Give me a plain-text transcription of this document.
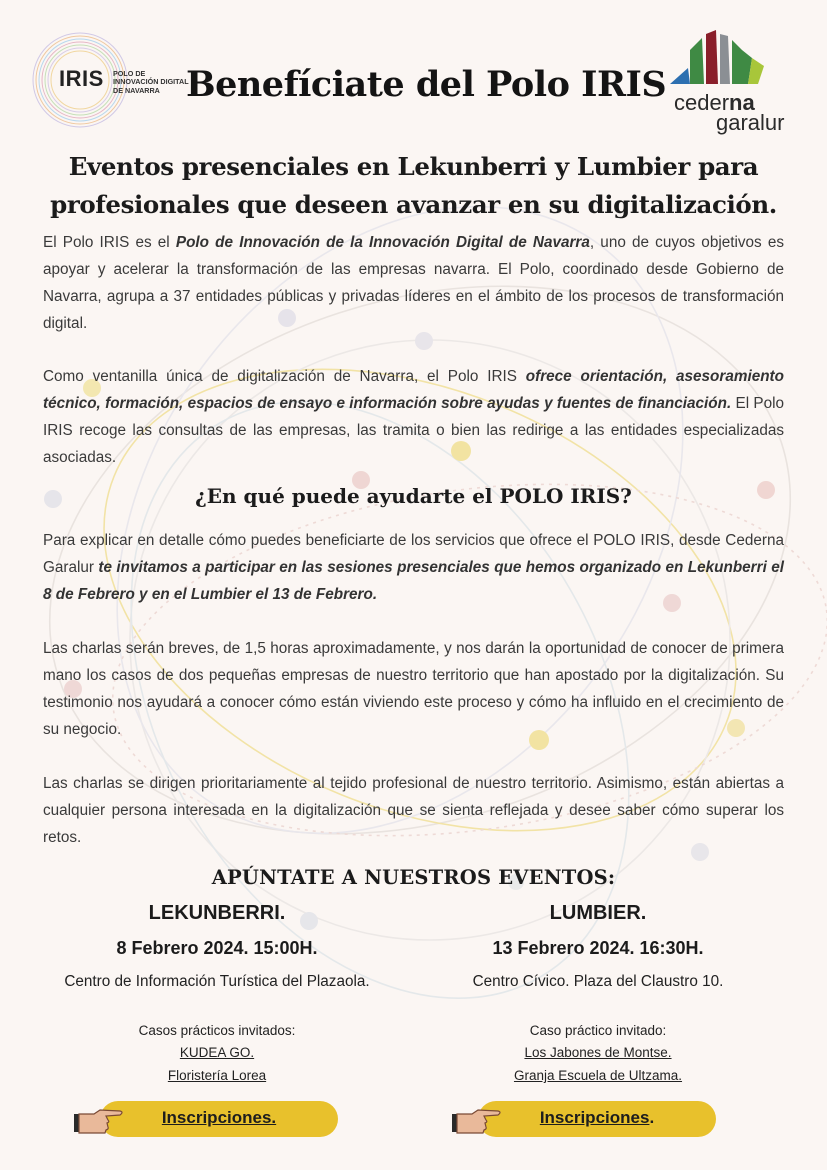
IRIS POLO DE
INNOVACIÓN DIGITAL
DE NAVARRA Benefíciate del Polo IRIS cederna
garalur
Eventos presenciales en Lekunberri y Lumbier para
profesionales que deseen avanzar en su digitalización.
El Polo IRIS es el Polo de Innovación de la Innovación Digital de Navarra, uno de cuyos objetivos es apoyar y acelerar la transformación de las empresas navarra. El Polo, coordinado desde Gobierno de Navarra, agrupa a 37 entidades públicas y privadas líderes en el ámbito de los procesos de transformación digital.
Como ventanilla única de digitalización de Navarra, el Polo IRIS ofrece orientación, asesoramiento técnico, formación, espacios de ensayo e información sobre ayudas y fuentes de financiación. El Polo IRIS recoge las consultas de las empresas, las tramita o bien las redirige a las entidades especializadas asociadas.
¿En qué puede ayudarte el POLO IRIS?
Para explicar en detalle cómo puedes beneficiarte de los servicios que ofrece el POLO IRIS, desde Cederna Garalur te invitamos a participar en las sesiones presenciales que hemos organizado en Lekunberri el 8 de Febrero y en el Lumbier el 13 de Febrero.
Las charlas serán breves, de 1,5 horas aproximadamente, y nos darán la oportunidad de conocer de primera mano los casos de dos pequeñas empresas de nuestro territorio que han apostado por la digitalización. Su testimonio nos ayudará a conocer cómo están viviendo este proceso y cómo ha influido en el crecimiento de su negocio.
Las charlas se dirigen prioritariamente al tejido profesional de nuestro territorio. Asimismo, están abiertas a cualquier persona interesada en la digitalización que se sienta reflejada y desee saber cómo superar los retos.
APÚNTATE A NUESTROS EVENTOS:
LEKUNBERRI.
8 Febrero 2024. 15:00H.
Centro de Información Turística del Plazaola.
Casos prácticos invitados:
KUDEA GO.
Floristería Lorea
LUMBIER.
13 Febrero 2024. 16:30H.
Centro Cívico. Plaza del Claustro 10.
Caso práctico invitado:
Los Jabones de Montse.
Granja Escuela de Ultzama.
Inscripciones.	Inscripciones.
